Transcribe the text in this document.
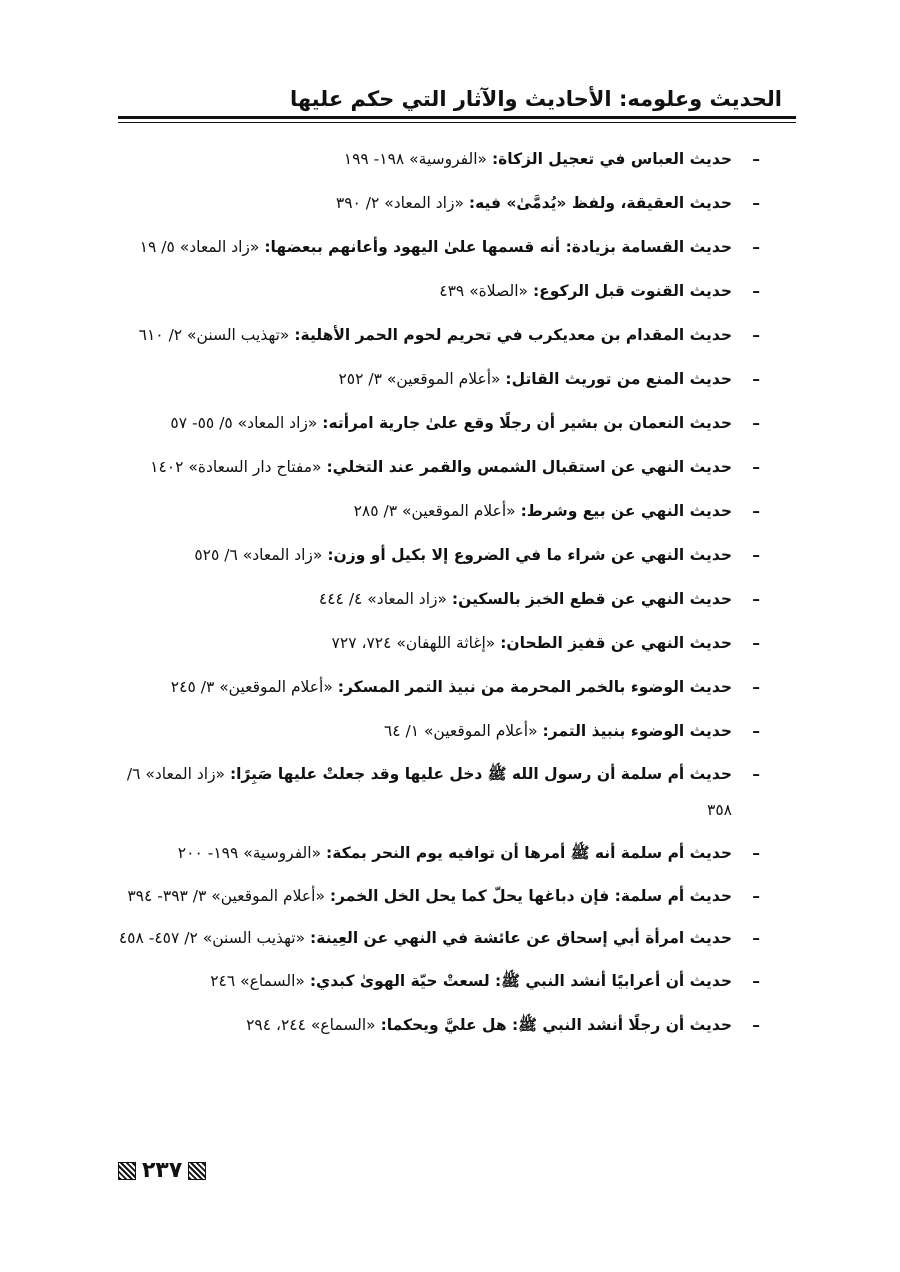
الحديث وعلومه: الأحاديث والآثار التي حكم عليها
–
حديث العباس في تعجيل الزكاة: «الفروسية» ١٩٨- ١٩٩
–
حديث العقيقة، ولفظ «يُدمَّىٰ» فيه: «زاد المعاد» ٢/ ٣٩٠
–
حديث القسامة بزيادة: أنه قسمها علىٰ اليهود وأعانهم ببعضها: «زاد المعاد» ٥/ ١٩
–
حديث القنوت قبل الركوع: «الصلاة» ٤٣٩
–
حديث المقدام بن معديكرب في تحريم لحوم الحمر الأهلية: «تهذيب السنن» ٢/ ٦١٠
–
حديث المنع من توريث القاتل: «أعلام الموقعين» ٣/ ٢٥٢
–
حديث النعمان بن بشير أن رجلًا وقع علىٰ جارية امرأته: «زاد المعاد» ٥/ ٥٥- ٥٧
–
حديث النهي عن استقبال الشمس والقمر عند التخلي: «مفتاح دار السعادة» ١٤٠٢
–
حديث النهي عن بيع وشرط: «أعلام الموقعين» ٣/ ٢٨٥
–
حديث النهي عن شراء ما في الضروع إلا بكيل أو وزن: «زاد المعاد» ٦/ ٥٢٥
–
حديث النهي عن قطع الخبز بالسكين: «زاد المعاد» ٤/ ٤٤٤
–
حديث النهي عن قفيز الطحان: «إغاثة اللهفان» ٧٢٤، ٧٢٧
–
حديث الوضوء بالخمر المحرمة من نبيذ التمر المسكر: «أعلام الموقعين» ٣/ ٢٤٥
–
حديث الوضوء بنبيذ التمر: «أعلام الموقعين» ١/ ٦٤
–
حديث أم سلمة أن رسول الله ﷺ دخل عليها وقد جعلتْ عليها صَبِرًا: «زاد المعاد» ٦/ ٣٥٨
–
حديث أم سلمة أنه ﷺ أمرها أن توافيه يوم النحر بمكة: «الفروسية» ١٩٩- ٢٠٠
–
حديث أم سلمة: فإن دباغها يحلّ كما يحل الخل الخمر: «أعلام الموقعين» ٣/ ٣٩٣- ٣٩٤
–
حديث امرأة أبي إسحاق عن عائشة في النهي عن العِينة: «تهذيب السنن» ٢/ ٤٥٧- ٤٥٨
–
حديث أن أعرابيًا أنشد النبي ﷺ: لسعتْ حيّة الهوىٰ كبدي: «السماع» ٢٤٦
–
حديث أن رجلًا أنشد النبي ﷺ: هل عليَّ ويحكما: «السماع» ٢٤٤، ٢٩٤
٢٣٧
